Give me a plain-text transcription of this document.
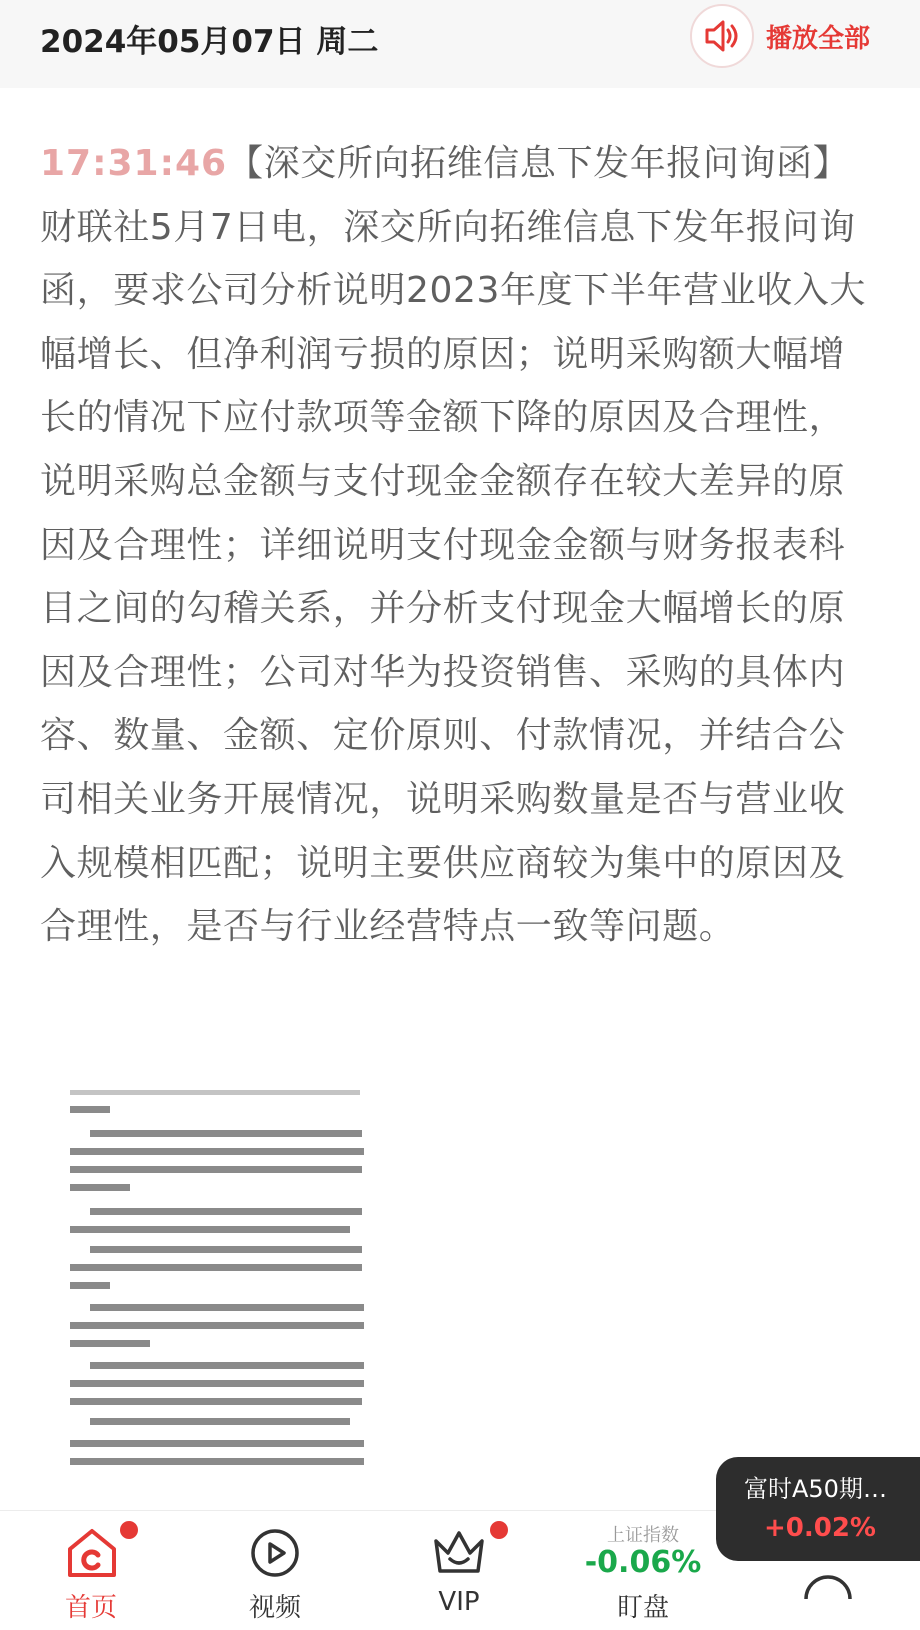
2024年05月07日 周二	播放全部
17:31:46【深交所向拓维信息下发年报问询函】财联社5月7日电，深交所向拓维信息下发年报问询函，要求公司分析说明2023年度下半年营业收入大幅增长、但净利润亏损的原因；说明采购额大幅增长的情况下应付款项等金额下降的原因及合理性，说明采购总金额与支付现金金额存在较大差异的原因及合理性；详细说明支付现金金额与财务报表科目之间的勾稽关系，并分析支付现金大幅增长的原因及合理性；公司对华为投资销售、采购的具体内容、数量、金额、定价原则、付款情况，并结合公司相关业务开展情况，说明采购数量是否与营业收入规模相匹配；说明主要供应商较为集中的原因及合理性，是否与行业经营特点一致等问题。
首页	视频	VIP
上证指数
-0.06%
盯盘
富时A50期…
+0.02%
